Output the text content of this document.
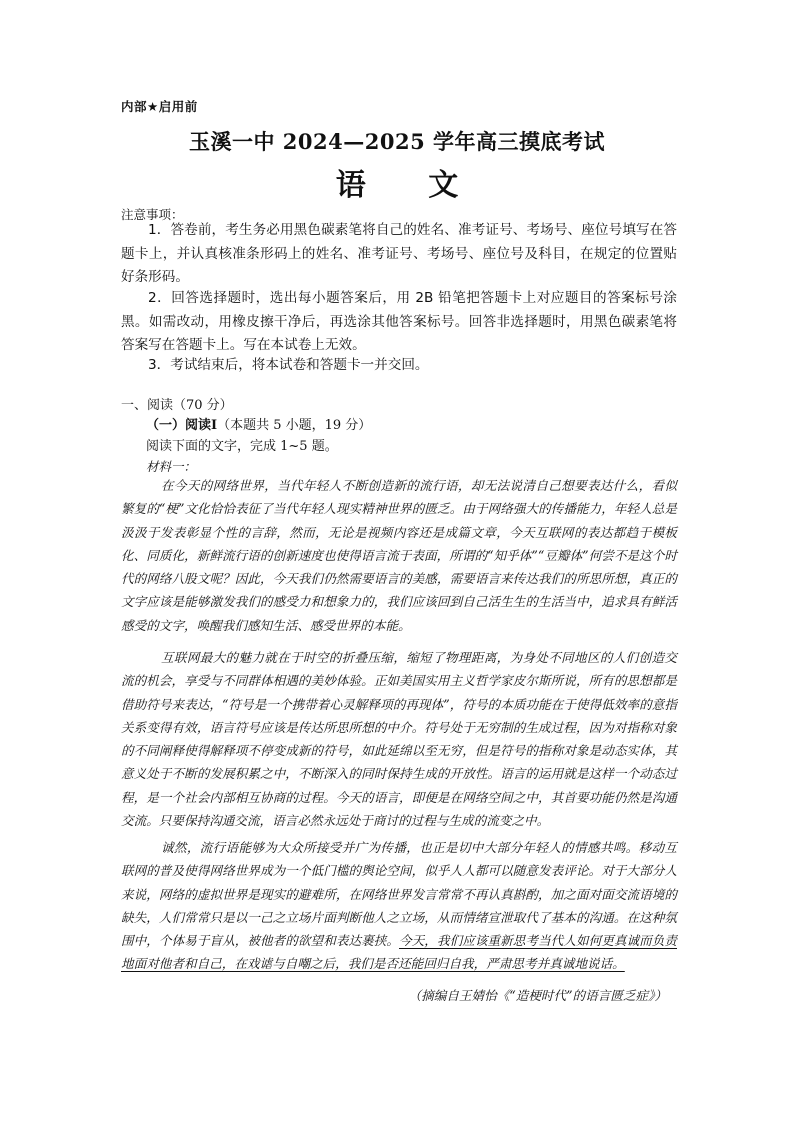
内部★启用前
玉溪一中 2024—2025 学年高三摸底考试
语 文
注意事项：
1．答卷前，考生务必用黑色碳素笔将自己的姓名、准考证号、考场号、座位号填写在答题卡上，并认真核准条形码上的姓名、准考证号、考场号、座位号及科目，在规定的位置贴好条形码。
2．回答选择题时，选出每小题答案后，用 2B 铅笔把答题卡上对应题目的答案标号涂黑。如需改动，用橡皮擦干净后，再选涂其他答案标号。回答非选择题时，用黑色碳素笔将答案写在答题卡上。写在本试卷上无效。
3．考试结束后，将本试卷和答题卡一并交回。
一、阅读（70 分）
（一）阅读Ⅰ（本题共 5 小题，19 分）
阅读下面的文字，完成 1~5 题。
材料一：
在今天的网络世界，当代年轻人不断创造新的流行语，却无法说清自己想要表达什么，看似繁复的“梗”文化恰恰表征了当代年轻人现实精神世界的匮乏。由于网络强大的传播能力，年轻人总是汲汲于发表彰显个性的言辞，然而，无论是视频内容还是成篇文章，今天互联网的表达都趋于模板化、同质化，新鲜流行语的创新速度也使得语言流于表面，所谓的“知乎体”“豆瓣体”何尝不是这个时代的网络八股文呢？因此，今天我们仍然需要语言的美感，需要语言来传达我们的所思所想，真正的文字应该是能够激发我们的感受力和想象力的，我们应该回到自己活生生的生活当中，追求具有鲜活感受的文字，唤醒我们感知生活、感受世界的本能。
互联网最大的魅力就在于时空的折叠压缩，缩短了物理距离，为身处不同地区的人们创造交流的机会，享受与不同群体相遇的美妙体验。正如美国实用主义哲学家皮尔斯所说，所有的思想都是借助符号来表达，“符号是一个携带着心灵解释项的再现体”，符号的本质功能在于使得低效率的意指关系变得有效，语言符号应该是传达所思所想的中介。符号处于无穷制的生成过程，因为对指称对象的不同阐释使得解释项不停变成新的符号，如此延绵以至无穷，但是符号的指称对象是动态实体，其意义处于不断的发展积累之中，不断深入的同时保持生成的开放性。语言的运用就是这样一个动态过程，是一个社会内部相互协商的过程。今天的语言，即便是在网络空间之中，其首要功能仍然是沟通交流。只要保持沟通交流，语言必然永远处于商讨的过程与生成的流变之中。
诚然，流行语能够为大众所接受并广为传播，也正是切中大部分年轻人的情感共鸣。移动互联网的普及使得网络世界成为一个低门槛的舆论空间，似乎人人都可以随意发表评论。对于大部分人来说，网络的虚拟世界是现实的避难所，在网络世界发言常常不再认真斟酌，加之面对面交流语境的缺失，人们常常只是以一己之立场片面判断他人之立场，从而情绪宣泄取代了基本的沟通。在这种氛围中，个体易于盲从，被他者的欲望和表达裹挟。今天，我们应该重新思考当代人如何更真诚而负责地面对他者和自己，在戏谑与自嘲之后，我们是否还能回归自我，严肃思考并真诚地说话。
（摘编自王婧怡《“造梗时代”的语言匮乏症》）
